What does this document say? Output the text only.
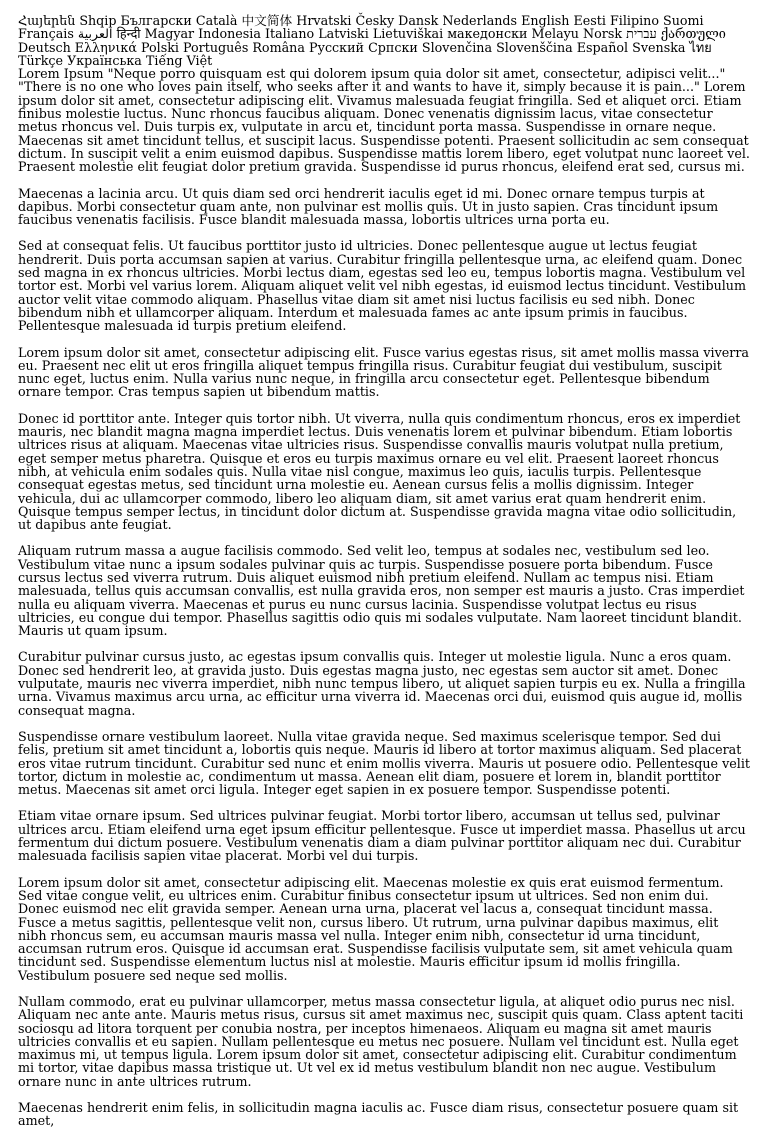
Հայերեն Shqip Български Català 中文简体 Hrvatski Česky Dansk Nederlands English Eesti Filipino Suomi Français العربية हिन्दी Magyar Indonesia Italiano Latviski Lietuviškai македонски Melayu Norsk עברית ქართული Deutsch Ελληνικά Polski Português Româna Русский Српски Slovenčina Slovenščina Español Svenska ไทย Türkçe Українська Tiếng Việt

Lorem Ipsum "Neque porro quisquam est qui dolorem ipsum quia dolor sit amet, consectetur, adipisci velit..." "There is no one who loves pain itself, who seeks after it and wants to have it, simply because it is pain..." Lorem ipsum dolor sit amet, consectetur adipiscing elit. Vivamus malesuada feugiat fringilla. Sed et aliquet orci. Etiam finibus molestie luctus. Nunc rhoncus faucibus aliquam. Donec venenatis dignissim lacus, vitae consectetur metus rhoncus vel. Duis turpis ex, vulputate in arcu et, tincidunt porta massa. Suspendisse in ornare neque. Maecenas sit amet tincidunt tellus, et suscipit lacus. Suspendisse potenti. Praesent sollicitudin ac sem consequat dictum. In suscipit velit a enim euismod dapibus. Suspendisse mattis lorem libero, eget volutpat nunc laoreet vel. Praesent molestie elit feugiat dolor pretium gravida. Suspendisse id purus rhoncus, eleifend erat sed, cursus mi.

Maecenas a lacinia arcu. Ut quis diam sed orci hendrerit iaculis eget id mi. Donec ornare tempus turpis at dapibus. Morbi consectetur quam ante, non pulvinar est mollis quis. Ut in justo sapien. Cras tincidunt ipsum faucibus venenatis facilisis. Fusce blandit malesuada massa, lobortis ultrices urna porta eu.

Sed at consequat felis. Ut faucibus porttitor justo id ultricies. Donec pellentesque augue ut lectus feugiat hendrerit. Duis porta accumsan sapien at varius. Curabitur fringilla pellentesque urna, ac eleifend quam. Donec sed magna in ex rhoncus ultricies. Morbi lectus diam, egestas sed leo eu, tempus lobortis magna. Vestibulum vel tortor est. Morbi vel varius lorem. Aliquam aliquet velit vel nibh egestas, id euismod lectus tincidunt. Vestibulum auctor velit vitae commodo aliquam. Phasellus vitae diam sit amet nisi luctus facilisis eu sed nibh. Donec bibendum nibh et ullamcorper aliquam. Interdum et malesuada fames ac ante ipsum primis in faucibus. Pellentesque malesuada id turpis pretium eleifend.

Lorem ipsum dolor sit amet, consectetur adipiscing elit. Fusce varius egestas risus, sit amet mollis massa viverra eu. Praesent nec elit ut eros fringilla aliquet tempus fringilla risus. Curabitur feugiat dui vestibulum, suscipit nunc eget, luctus enim. Nulla varius nunc neque, in fringilla arcu consectetur eget. Pellentesque bibendum ornare tempor. Cras tempus sapien ut bibendum mattis.

Donec id porttitor ante. Integer quis tortor nibh. Ut viverra, nulla quis condimentum rhoncus, eros ex imperdiet mauris, nec blandit magna magna imperdiet lectus. Duis venenatis lorem et pulvinar bibendum. Etiam lobortis ultrices risus at aliquam. Maecenas vitae ultricies risus. Suspendisse convallis mauris volutpat nulla pretium, eget semper metus pharetra. Quisque et eros eu turpis maximus ornare eu vel elit. Praesent laoreet rhoncus nibh, at vehicula enim sodales quis. Nulla vitae nisl congue, maximus leo quis, iaculis turpis. Pellentesque consequat egestas metus, sed tincidunt urna molestie eu. Aenean cursus felis a mollis dignissim. Integer vehicula, dui ac ullamcorper commodo, libero leo aliquam diam, sit amet varius erat quam hendrerit enim. Quisque tempus semper lectus, in tincidunt dolor dictum at. Suspendisse gravida magna vitae odio sollicitudin, ut dapibus ante feugiat.

Aliquam rutrum massa a augue facilisis commodo. Sed velit leo, tempus at sodales nec, vestibulum sed leo. Vestibulum vitae nunc a ipsum sodales pulvinar quis ac turpis. Suspendisse posuere porta bibendum. Fusce cursus lectus sed viverra rutrum. Duis aliquet euismod nibh pretium eleifend. Nullam ac tempus nisi. Etiam malesuada, tellus quis accumsan convallis, est nulla gravida eros, non semper est mauris a justo. Cras imperdiet nulla eu aliquam viverra. Maecenas et purus eu nunc cursus lacinia. Suspendisse volutpat lectus eu risus ultricies, eu congue dui tempor. Phasellus sagittis odio quis mi sodales vulputate. Nam laoreet tincidunt blandit. Mauris ut quam ipsum.

Curabitur pulvinar cursus justo, ac egestas ipsum convallis quis. Integer ut molestie ligula. Nunc a eros quam. Donec sed hendrerit leo, at gravida justo. Duis egestas magna justo, nec egestas sem auctor sit amet. Donec vulputate, mauris nec viverra imperdiet, nibh nunc tempus libero, ut aliquet sapien turpis eu ex. Nulla a fringilla urna. Vivamus maximus arcu urna, ac efficitur urna viverra id. Maecenas orci dui, euismod quis augue id, mollis consequat magna.

Suspendisse ornare vestibulum laoreet. Nulla vitae gravida neque. Sed maximus scelerisque tempor. Sed dui felis, pretium sit amet tincidunt a, lobortis quis neque. Mauris id libero at tortor maximus aliquam. Sed placerat eros vitae rutrum tincidunt. Curabitur sed nunc et enim mollis viverra. Mauris ut posuere odio. Pellentesque velit tortor, dictum in molestie ac, condimentum ut massa. Aenean elit diam, posuere et lorem in, blandit porttitor metus. Maecenas sit amet orci ligula. Integer eget sapien in ex posuere tempor. Suspendisse potenti.

Etiam vitae ornare ipsum. Sed ultrices pulvinar feugiat. Morbi tortor libero, accumsan ut tellus sed, pulvinar ultrices arcu. Etiam eleifend urna eget ipsum efficitur pellentesque. Fusce ut imperdiet massa. Phasellus ut arcu fermentum dui dictum posuere. Vestibulum venenatis diam a diam pulvinar porttitor aliquam nec dui. Curabitur malesuada facilisis sapien vitae placerat. Morbi vel dui turpis.

Lorem ipsum dolor sit amet, consectetur adipiscing elit. Maecenas molestie ex quis erat euismod fermentum. Sed vitae congue velit, eu ultrices enim. Curabitur finibus consectetur ipsum ut ultrices. Sed non enim dui. Donec euismod nec elit gravida semper. Aenean urna urna, placerat vel lacus a, consequat tincidunt massa. Fusce a metus sagittis, pellentesque velit non, cursus libero. Ut rutrum, urna pulvinar dapibus maximus, elit nibh rhoncus sem, eu accumsan mauris massa vel nulla. Integer enim nibh, consectetur id urna tincidunt, accumsan rutrum eros. Quisque id accumsan erat. Suspendisse facilisis vulputate sem, sit amet vehicula quam tincidunt sed. Suspendisse elementum luctus nisl at molestie. Mauris efficitur ipsum id mollis fringilla. Vestibulum posuere sed neque sed mollis.

Nullam commodo, erat eu pulvinar ullamcorper, metus massa consectetur ligula, at aliquet odio purus nec nisl. Aliquam nec ante ante. Mauris metus risus, cursus sit amet maximus nec, suscipit quis quam. Class aptent taciti sociosqu ad litora torquent per conubia nostra, per inceptos himenaeos. Aliquam eu magna sit amet mauris ultricies convallis et eu sapien. Nullam pellentesque eu metus nec posuere. Nullam vel tincidunt est. Nulla eget maximus mi, ut tempus ligula. Lorem ipsum dolor sit amet, consectetur adipiscing elit. Curabitur condimentum mi tortor, vitae dapibus massa tristique ut. Ut vel ex id metus vestibulum blandit non nec augue. Vestibulum ornare nunc in ante ultrices rutrum.

Maecenas hendrerit enim felis, in sollicitudin magna iaculis ac. Fusce diam risus, consectetur posuere quam sit amet,
